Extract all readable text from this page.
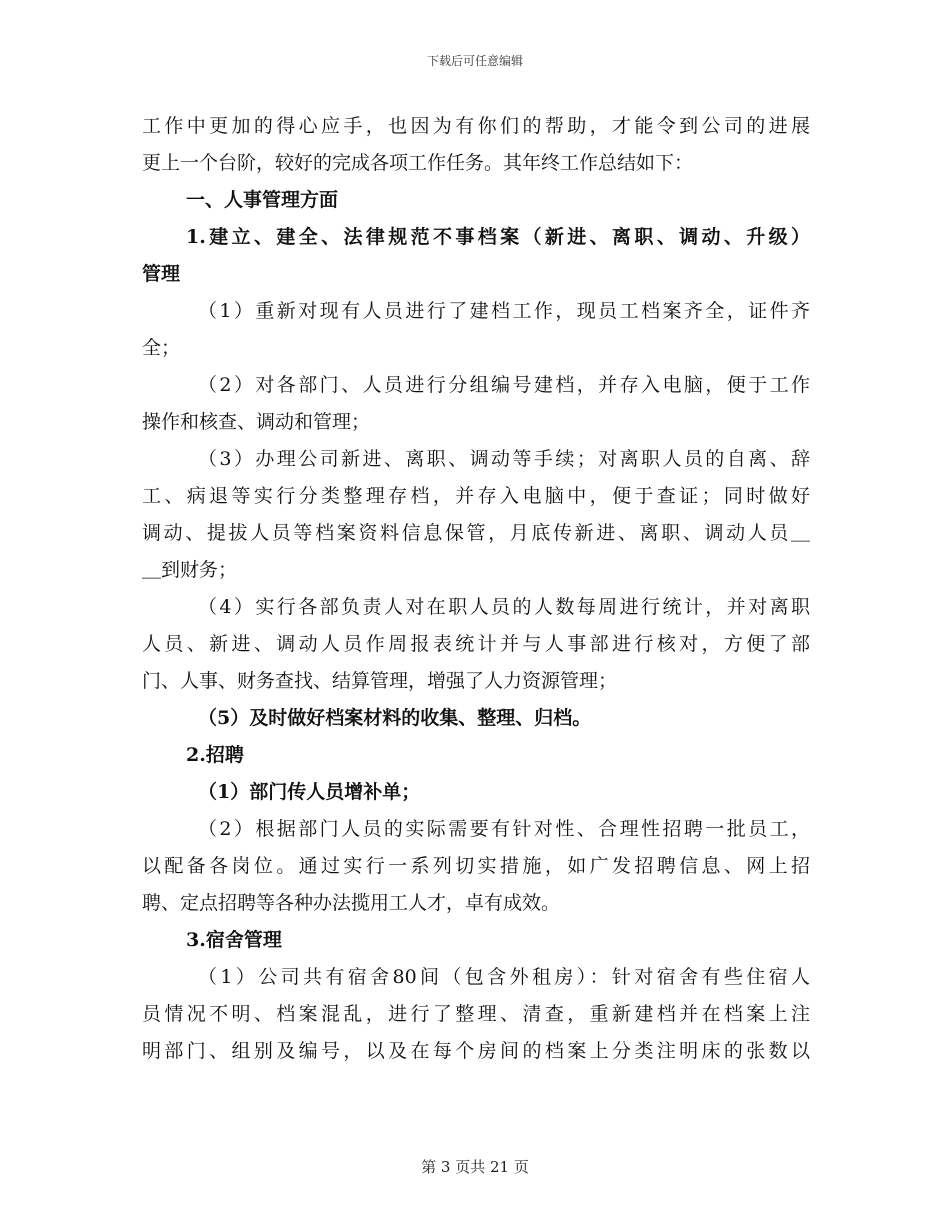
下载后可任意编辑
工作中更加的得心应手，也因为有你们的帮助，才能令到公司的进展
更上一个台阶，较好的完成各项工作任务。其年终工作总结如下：
一、人事管理方面
1.建立、建全、法律规范不事档案（新进、离职、调动、升级）
管理
（1）重新对现有人员进行了建档工作，现员工档案齐全，证件齐
全；
（2）对各部门、人员进行分组编号建档，并存入电脑，便于工作
操作和核查、调动和管理；
（3）办理公司新进、离职、调动等手续；对离职人员的自离、辞
工、病退等实行分类整理存档，并存入电脑中，便于查证；同时做好
调动、提拔人员等档案资料信息保管，月底传新进、离职、调动人员＿
＿到财务；
（4）实行各部负责人对在职人员的人数每周进行统计，并对离职
人员、新进、调动人员作周报表统计并与人事部进行核对，方便了部
门、人事、财务查找、结算管理，增强了人力资源管理；
（5）及时做好档案材料的收集、整理、归档。
2.招聘
（1）部门传人员增补单；
（2）根据部门人员的实际需要有针对性、合理性招聘一批员工，
以配备各岗位。通过实行一系列切实措施，如广发招聘信息、网上招
聘、定点招聘等各种办法揽用工人才，卓有成效。
3.宿舍管理
（1）公司共有宿舍80间（包含外租房）：针对宿舍有些住宿人
员情况不明、档案混乱，进行了整理、清查，重新建档并在档案上注
明部门、组别及编号，以及在每个房间的档案上分类注明床的张数以
第 3 页共 21 页
